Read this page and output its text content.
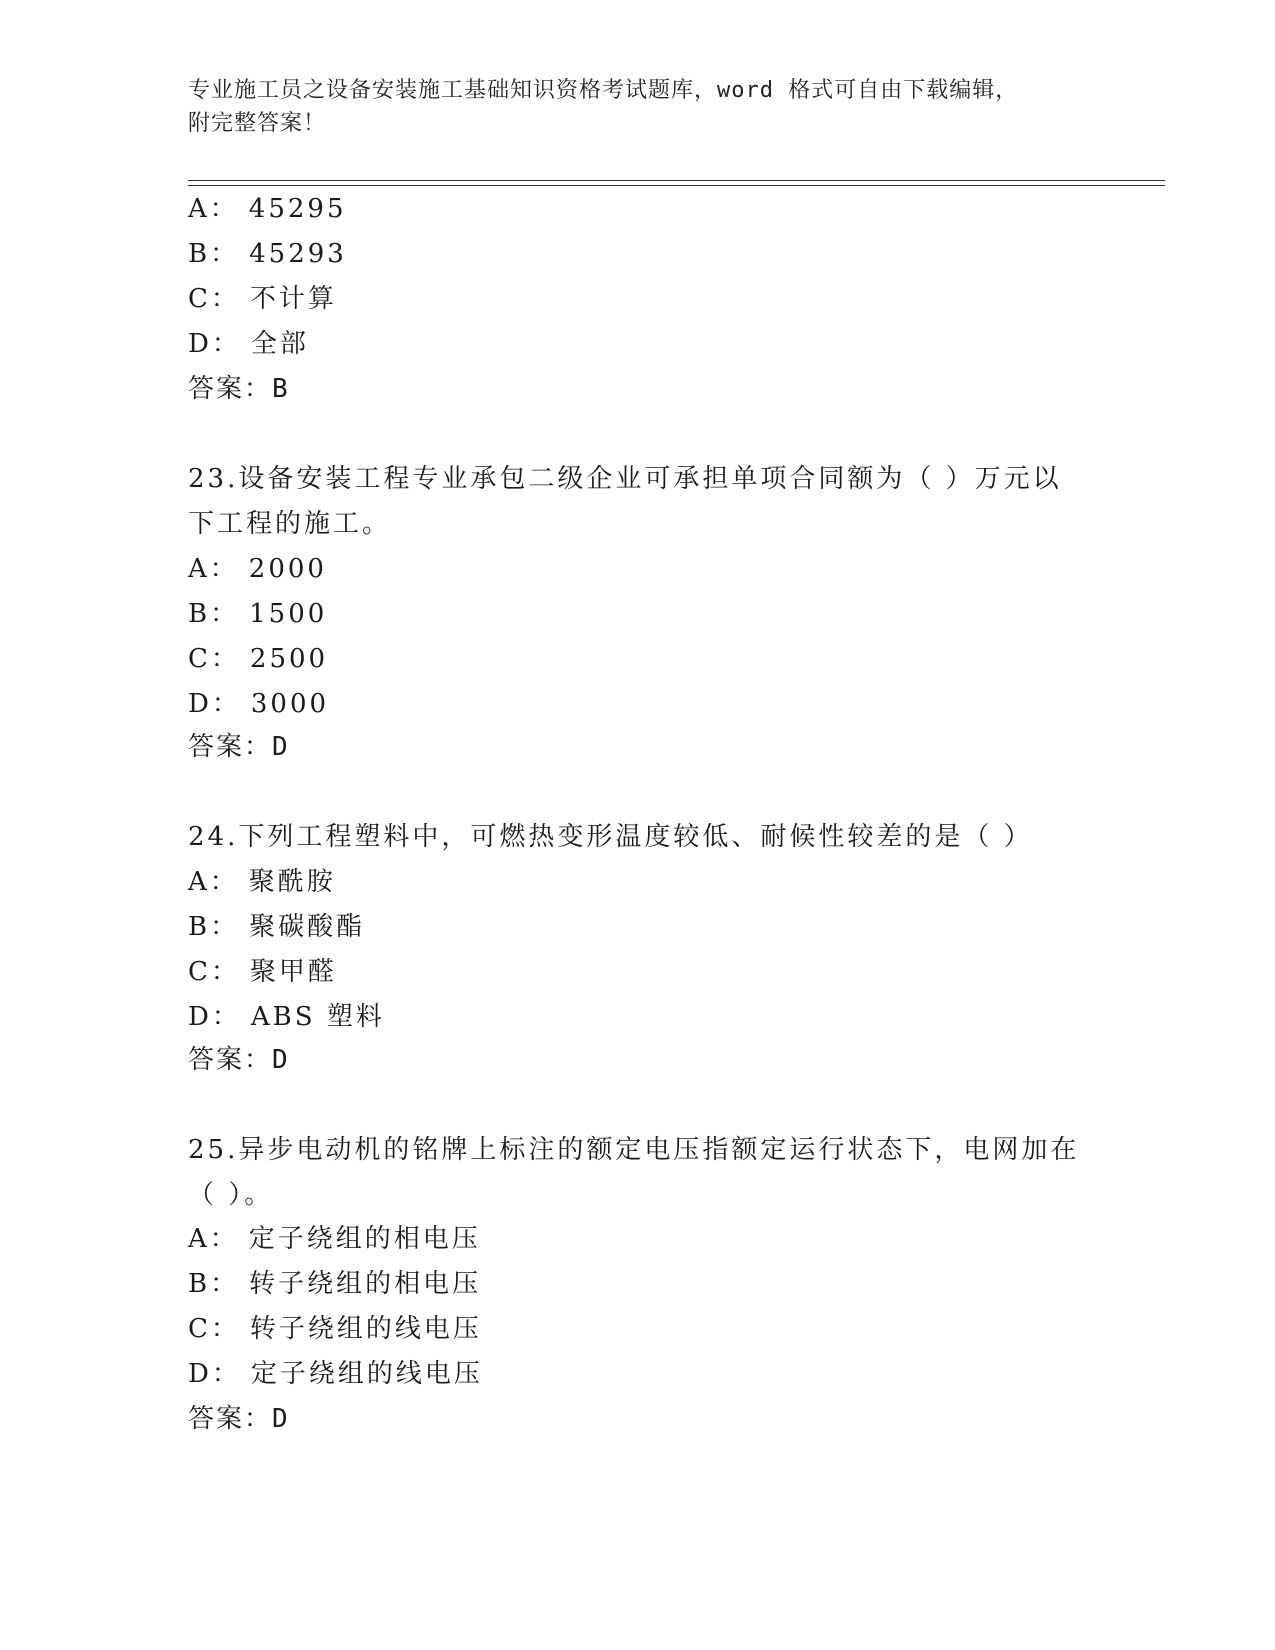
专业施工员之设备安装施工基础知识资格考试题库，word 格式可自由下载编辑，
附完整答案！
A： 45295
B： 45293
C： 不计算
D： 全部
答案：B
23.设备安装工程专业承包二级企业可承担单项合同额为（ ）万元以
下工程的施工。
A： 2000
B： 1500
C： 2500
D： 3000
答案：D
24.下列工程塑料中，可燃热变形温度较低、耐候性较差的是（ ）
A： 聚酰胺
B： 聚碳酸酯
C： 聚甲醛
D： ABS 塑料
答案：D
25.异步电动机的铭牌上标注的额定电压指额定运行状态下，电网加在
（ ）。
A： 定子绕组的相电压
B： 转子绕组的相电压
C： 转子绕组的线电压
D： 定子绕组的线电压
答案：D
